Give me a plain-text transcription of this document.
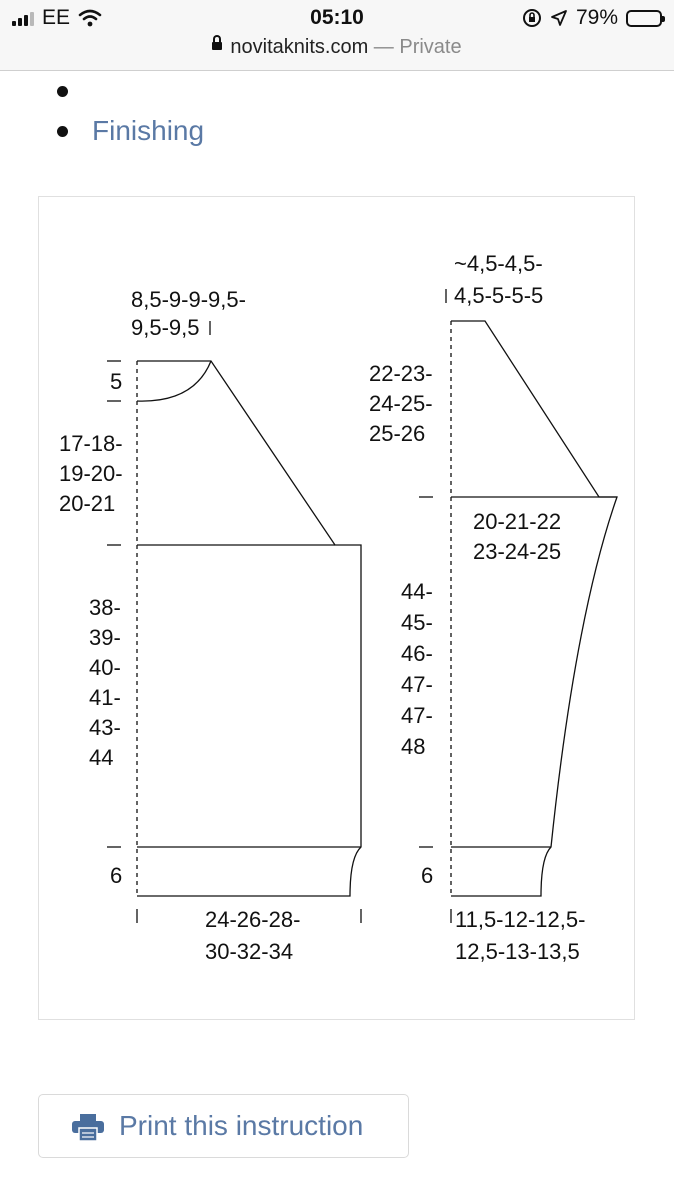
EE	05:10	79%
novitaknits.com — Private
Finishing
8,5-9-9-9,5-
9,5-9,5
5
17-18-
19-20-
20-21
38-
39-
40-
41-
43-
44
6
24-26-28-
30-32-34
~4,5-4,5-
4,5-5-5-5
22-23-
24-25-
25-26
20-21-22
23-24-25
44-
45-
46-
47-
47-
48
6
11,5-12-12,5-
12,5-13-13,5
Print this instruction
